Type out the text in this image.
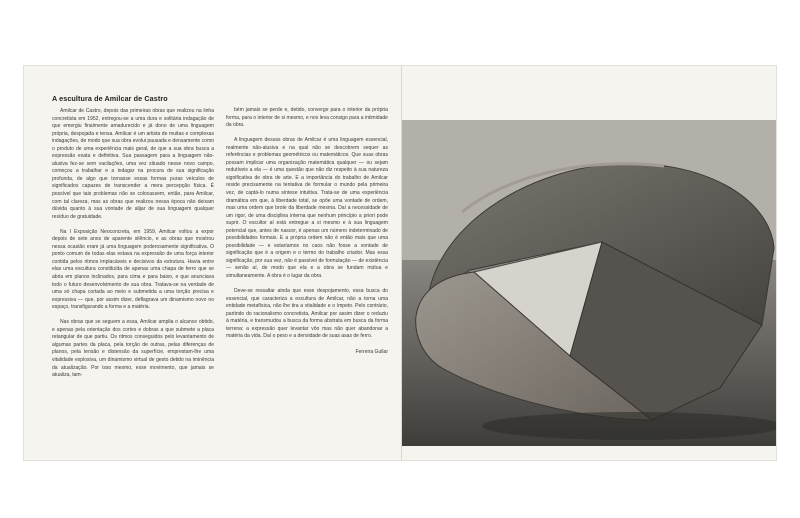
A escultura de Amilcar de Castro

Amilcar de Castro, depois das primeiras obras que realizou na linha concretista em 1952, entregou-se a uma dura e solitária indagação de que emergiu finalmente amadurecido e já dono de uma linguagem própria, despojada e tensa. Amilcar é um artista de muitas e complexas indagações, de modo que sua obra evolui pausada e densamente como o produto de uma experiência mais geral, de que a sua obra busca a expressão exata e definitiva. Sua passagem para a linguagem não-alusiva fez-se sem vacilações, uma vez situado nesse novo campo, começou a trabalhar e a indagar na procura de sua significação profunda, de algo que tornasse essas formas puras veículos de significados capazes de transcender a mera percepção física. É possível que tais problemas não se colocassem, então, para Amilcar, com tal clareza, mas as obras que realizou nessa época não deixam dúvida quanto à sua vontade de alijar de sua linguagem qualquer resíduo de gratuidade.

Na I Exposição Neoconcreta, em 1959, Amilcar voltou a expor depois de sete anos de aparente silêncio, e as obras que mostrou nessa ocasião eram já uma linguagem poderosamente significativa. O ponto comum de todas elas estava na expressão de uma força interior contida pelos ritmos implacáveis e decisivos da estrutura. Havia entre elas uma escultura constituída de apenas uma chapa de ferro que se abria em planos inclinados, para cima e para baixo, e que anunciava todo o futuro desenvolvimento de sua obra. Tratava-se na verdade de uma só chapa cortada ao meio e submetida a uma torção precisa e expressiva — que, por assim dizer, deflagrava um dinamismo novo no espaço, transfigurando a forma e a matéria.

Nas obras que se seguem a essa, Amilcar amplia o alcance obtido, e apenas pela orientação dos cortes e dobras a que submete a placa retangular de que partiu. Os ritmos conseguidos pelo levantamento de algumas partes da placa, pela torção de outras, pelas diferenças de planos, pela tensão e distensão da superfície, emprestam-lhe uma vitalidade explosiva, um dinamismo virtual de gesto detido na iminência da atualização. Por isso mesmo, esse movimento, que jamais se atualiza, tam-

bém jamais se perde e, detido, converge para o interior da própria forma, para o interior de si mesmo, e nos leva consigo para a intimidade da obra.

A linguagem dessas obras de Amilcar é uma linguagem essencial, realmente não-alusiva e na qual não se descobrem sequer as referências e problemas geométricos ou matemáticos. Que suas obras possam implicar uma organização matemática qualquer — ou sejam redutíveis a ela — é uma questão que não diz respeito à sua natureza significativa de obra de arte. E a importância do trabalho de Amilcar reside precisamente na tentativa de formular o mundo pela primeira vez, de captá-lo numa síntese intuitiva. Trata-se de uma experiência dramática em que, à liberdade total, se opõe uma vontade de ordem, mas uma ordem que brote da liberdade mesma. Daí a necessidade de um rigor, de uma disciplina interna que nenhum princípio a priori pode suprir. O escultor aí está entregue a si mesmo e à sua linguagem potencial que, antes de nascer, é apenas um número indeterminado de possibilidades formais. E a própria ordem não é então mais que uma possibilidade — e estaríamos no caos não fosse a vontade de significação que é a origem e o termo do trabalho criador. Mas essa significação, por sua vez, não é passível de formulação — de existência — senão aí, de modo que ela e a obra se fundam mútua e simultaneamente. A obra é o lugar da obra.

Deve-se ressaltar ainda que esse despojamento, essa busca do essencial, que caracteriza a escultura de Amilcar, não a torna uma entidade metafísica, não lhe tira a vitalidade e o ímpeto. Pelo contrário, partindo do racionalismo concretista, Amilcar por assim dizer o reduziu à matéria, e transmudou a busca da forma abstrata em busca da forma terrena: a expressão quer levantar vôo mas não quer abandonar a matéria da vida. Daí o peso e a densidade de suas asas de ferro.

Ferreira Gullar
